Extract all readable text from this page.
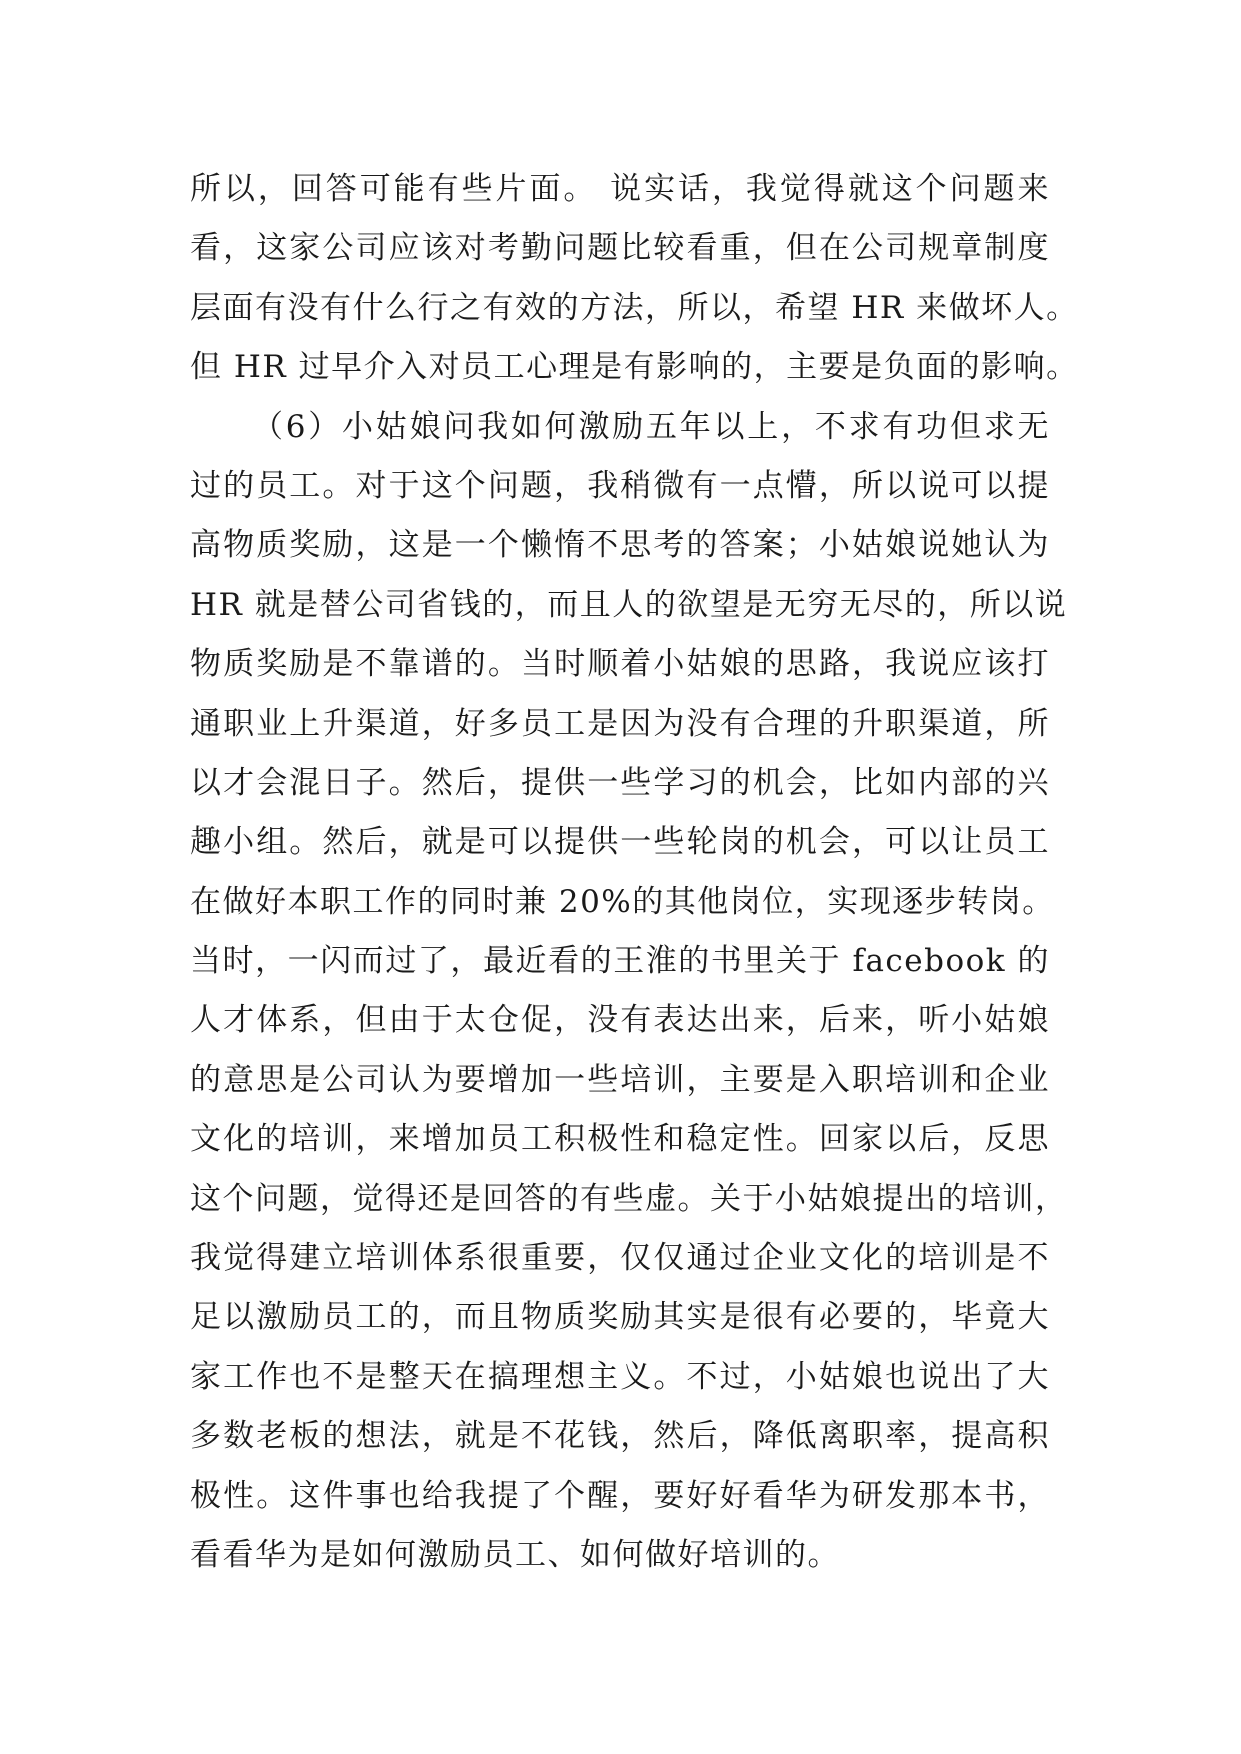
所以，回答可能有些片面。 说实话，我觉得就这个问题来
看，这家公司应该对考勤问题比较看重，但在公司规章制度
层面有没有什么行之有效的方法，所以，希望 HR 来做坏人。
但 HR 过早介入对员工心理是有影响的，主要是负面的影响。
（6）小姑娘问我如何激励五年以上，不求有功但求无
过的员工。对于这个问题，我稍微有一点懵，所以说可以提
高物质奖励，这是一个懒惰不思考的答案；小姑娘说她认为
HR 就是替公司省钱的，而且人的欲望是无穷无尽的，所以说
物质奖励是不靠谱的。当时顺着小姑娘的思路，我说应该打
通职业上升渠道，好多员工是因为没有合理的升职渠道，所
以才会混日子。然后，提供一些学习的机会，比如内部的兴
趣小组。然后，就是可以提供一些轮岗的机会，可以让员工
在做好本职工作的同时兼 20%的其他岗位，实现逐步转岗。
当时，一闪而过了，最近看的王淮的书里关于 facebook 的
人才体系，但由于太仓促，没有表达出来，后来，听小姑娘
的意思是公司认为要增加一些培训，主要是入职培训和企业
文化的培训，来增加员工积极性和稳定性。回家以后，反思
这个问题，觉得还是回答的有些虚。关于小姑娘提出的培训，
我觉得建立培训体系很重要，仅仅通过企业文化的培训是不
足以激励员工的，而且物质奖励其实是很有必要的，毕竟大
家工作也不是整天在搞理想主义。不过，小姑娘也说出了大
多数老板的想法，就是不花钱，然后，降低离职率，提高积
极性。这件事也给我提了个醒，要好好看华为研发那本书，
看看华为是如何激励员工、如何做好培训的。
